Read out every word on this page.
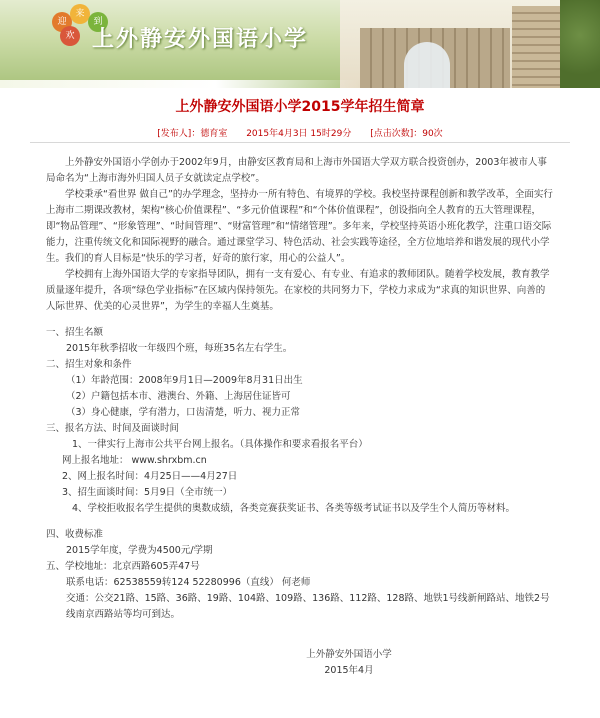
迎
来
到
欢 上外静安外国语小学
上外静安外国语小学2015学年招生简章
[发布人]：德育室 2015年4月3日 15时29分 [点击次数]：90次

上外静安外国语小学创办于2002年9月，由静安区教育局和上海市外国语大学双方联合投资创办，2003年被市人事局命名为“上海市海外归国人员子女就读定点学校”。

学校秉承“看世界 做自己”的办学理念，坚持办一所有特色、有境界的学校。我校坚持课程创新和教学改革，全面实行上海市二期课改教材，架构“核心价值课程”、“多元价值课程”和“个体价值课程”，创设指向全人教育的五大管理课程，即“物品管理”、“形象管理”、“时间管理”、“财富管理”和“情绪管理”。多年来，学校坚持英语小班化教学，注重口语交际能力，注重传统文化和国际视野的融合。通过课堂学习、特色活动、社会实践等途径，全方位地培养和谐发展的现代小学生。我们的育人目标是“快乐的学习者，好奇的旅行家，用心的公益人”。

学校拥有上海外国语大学的专家指导团队，拥有一支有爱心、有专业、有追求的教师团队。随着学校发展，教育教学质量逐年提升，各项“绿色学业指标”在区域内保持领先。在家校的共同努力下，学校力求成为“求真的知识世界、向善的人际世界、优美的心灵世界”，为学生的幸福人生奠基。

一、招生名额

2015年秋季招收一年级四个班，每班35名左右学生。

二、招生对象和条件

（1）年龄范围：2008年9月1日—2009年8月31日出生

（2）户籍包括本市、港澳台、外籍、上海居住证皆可

（3）身心健康，学有潜力，口齿清楚，听力、视力正常

三、报名方法、时间及面谈时间

1、一律实行上海市公共平台网上报名。（具体操作和要求看报名平台）

网上报名地址： www.shrxbm.cn

2、网上报名时间：4月25日——4月27日

3、招生面谈时间：5月9日（全市统一）

4、学校拒收报名学生提供的奥数成绩，各类竞赛获奖证书、各类等级考试证书以及学生个人简历等材料。

四、收费标准

2015学年度，学费为4500元/学期

五、学校地址：北京西路605弄47号

联系电话：62538559转124 52280996（直线） 何老师

交通：公交21路、15路、36路、19路、104路、109路、136路、112路、128路、地铁1号线新闸路站、地铁2号线南京西路站等均可到达。

上外静安外国语小学
2015年4月
